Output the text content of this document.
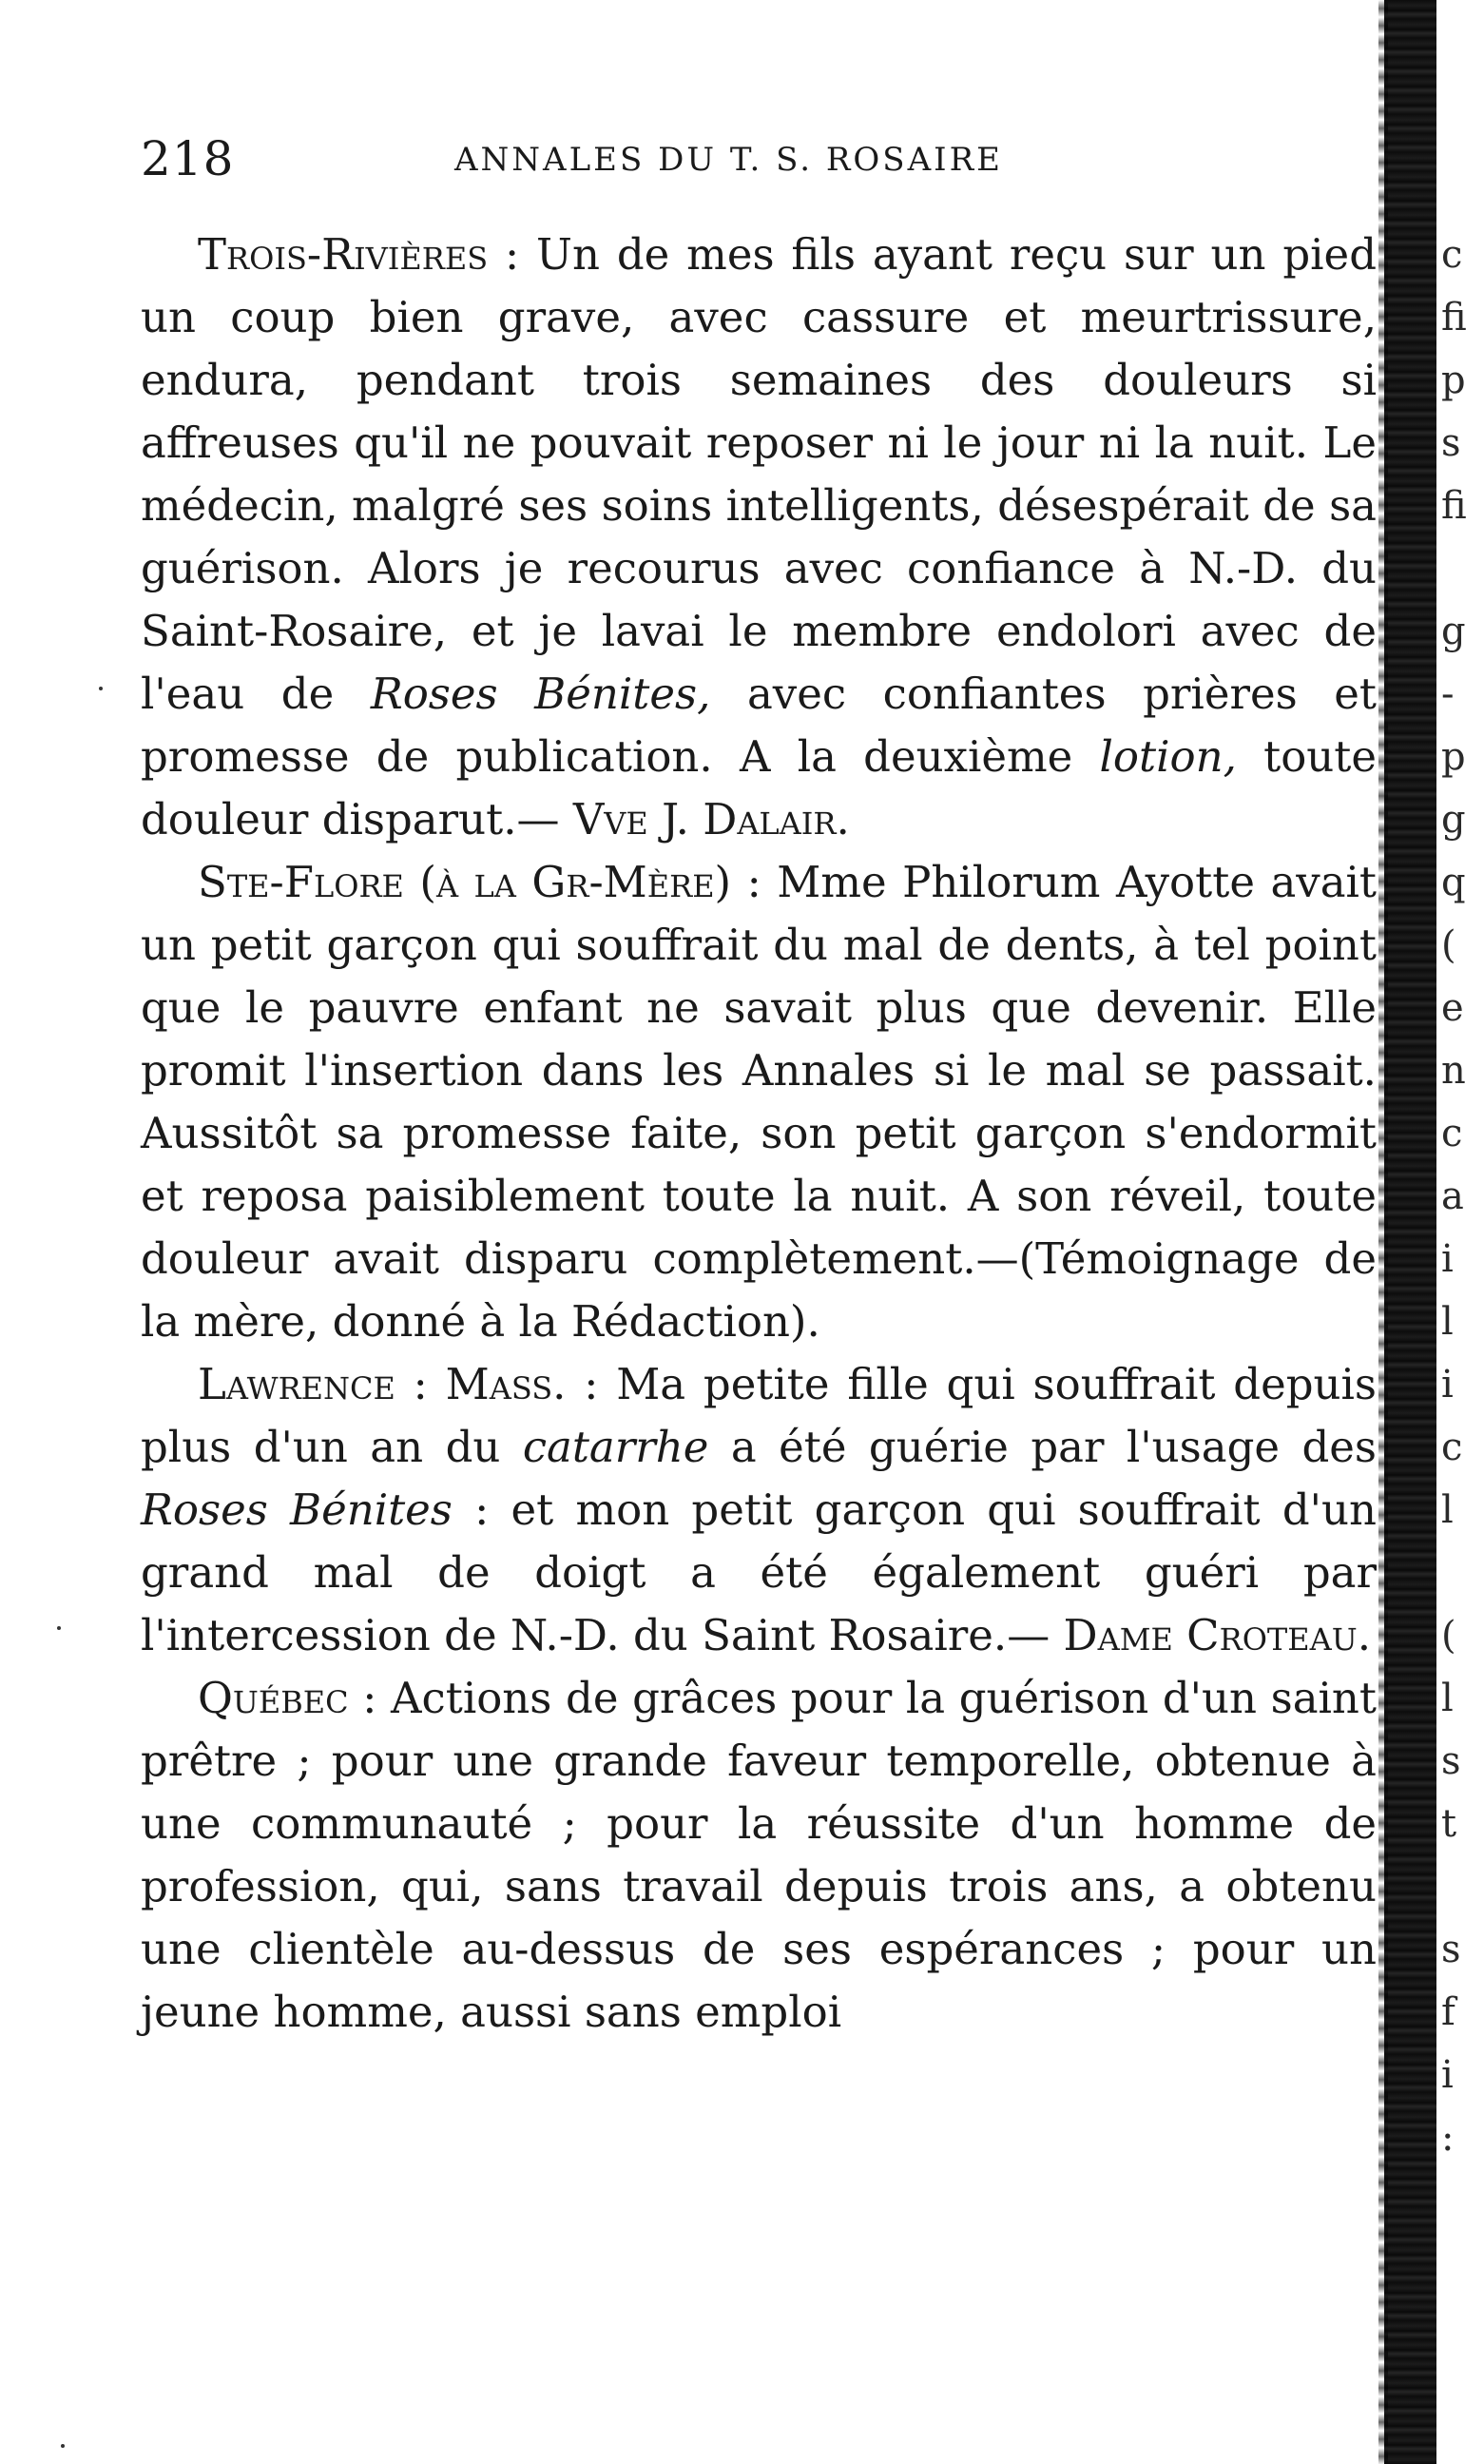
218	ANNALES DU T. S. ROSAIRE

Trois-Rivières : Un de mes fils ayant reçu sur un pied un coup bien grave, avec cassure et meurtrissure, endura, pendant trois semaines des douleurs si affreuses qu'il ne pouvait reposer ni le jour ni la nuit. Le médecin, malgré ses soins intelligents, désespérait de sa guérison. Alors je recourus avec confiance à N.-D. du Saint-Rosaire, et je lavai le membre endolori avec de l'eau de Roses Bénites, avec confiantes prières et promesse de publication. A la deuxième lotion, toute douleur disparut.— Vve J. Dalair.

Ste-Flore (à la Gr-Mère) : Mme Philorum Ayotte avait un petit garçon qui souffrait du mal de dents, à tel point que le pauvre enfant ne savait plus que devenir. Elle promit l'insertion dans les Annales si le mal se passait. Aussitôt sa promesse faite, son petit garçon s'endormit et reposa paisiblement toute la nuit. A son réveil, toute douleur avait disparu complètement.—(Témoignage de la mère, donné à la Rédaction).

Lawrence : Mass. : Ma petite fille qui souffrait depuis plus d'un an du catarrhe a été guérie par l'usage des Roses Bénites : et mon petit garçon qui souffrait d'un grand mal de doigt a été également guéri par l'intercession de N.-D. du Saint Rosaire.— Dame Croteau.

Québec : Actions de grâces pour la guérison d'un saint prêtre ; pour une grande faveur temporelle, obtenue à une communauté ; pour la réussite d'un homme de profession, qui, sans travail depuis trois ans, a obtenu une clientèle au-dessus de ses espérances ; pour un jeune homme, aussi sans emploi

c
fi
p
s
fi
g
-
p
g
q
(
e
n
c
a
i
l
i
c
l
(
l
s
t
s
f
i
:
